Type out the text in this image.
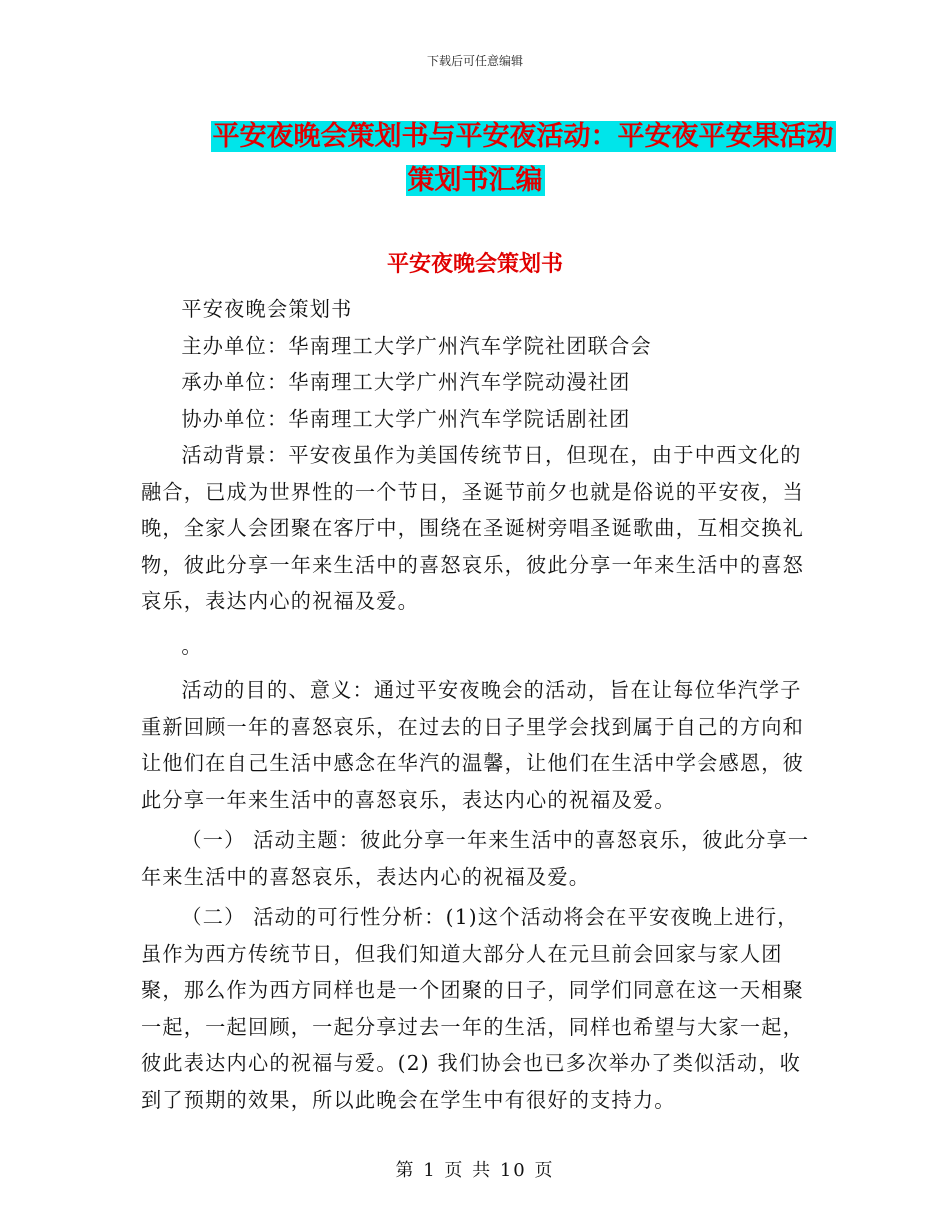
下载后可任意编辑
平安夜晚会策划书与平安夜活动：平安夜平安果活动
策划书汇编
平安夜晚会策划书

平安夜晚会策划书

主办单位：华南理工大学广州汽车学院社团联合会

承办单位：华南理工大学广州汽车学院动漫社团

协办单位：华南理工大学广州汽车学院话剧社团

活动背景：平安夜虽作为美国传统节日，但现在，由于中西文化的融合，已成为世界性的一个节日，圣诞节前夕也就是俗说的平安夜，当晚，全家人会团聚在客厅中，围绕在圣诞树旁唱圣诞歌曲，互相交换礼物，彼此分享一年来生活中的喜怒哀乐，彼此分享一年来生活中的喜怒哀乐，表达内心的祝福及爱。

。

活动的目的、意义：通过平安夜晚会的活动，旨在让每位华汽学子重新回顾一年的喜怒哀乐，在过去的日子里学会找到属于自己的方向和让他们在自己生活中感念在华汽的温馨，让他们在生活中学会感恩，彼此分享一年来生活中的喜怒哀乐，表达内心的祝福及爱。

（一） 活动主题：彼此分享一年来生活中的喜怒哀乐，彼此分享一年来生活中的喜怒哀乐，表达内心的祝福及爱。

（二） 活动的可行性分析：(1)这个活动将会在平安夜晚上进行，虽作为西方传统节日，但我们知道大部分人在元旦前会回家与家人团聚，那么作为西方同样也是一个团聚的日子，同学们同意在这一天相聚一起，一起回顾，一起分享过去一年的生活，同样也希望与大家一起，彼此表达内心的祝福与爱。(2) 我们协会也已多次举办了类似活动，收到了预期的效果，所以此晚会在学生中有很好的支持力。

第 1 页 共 10 页
